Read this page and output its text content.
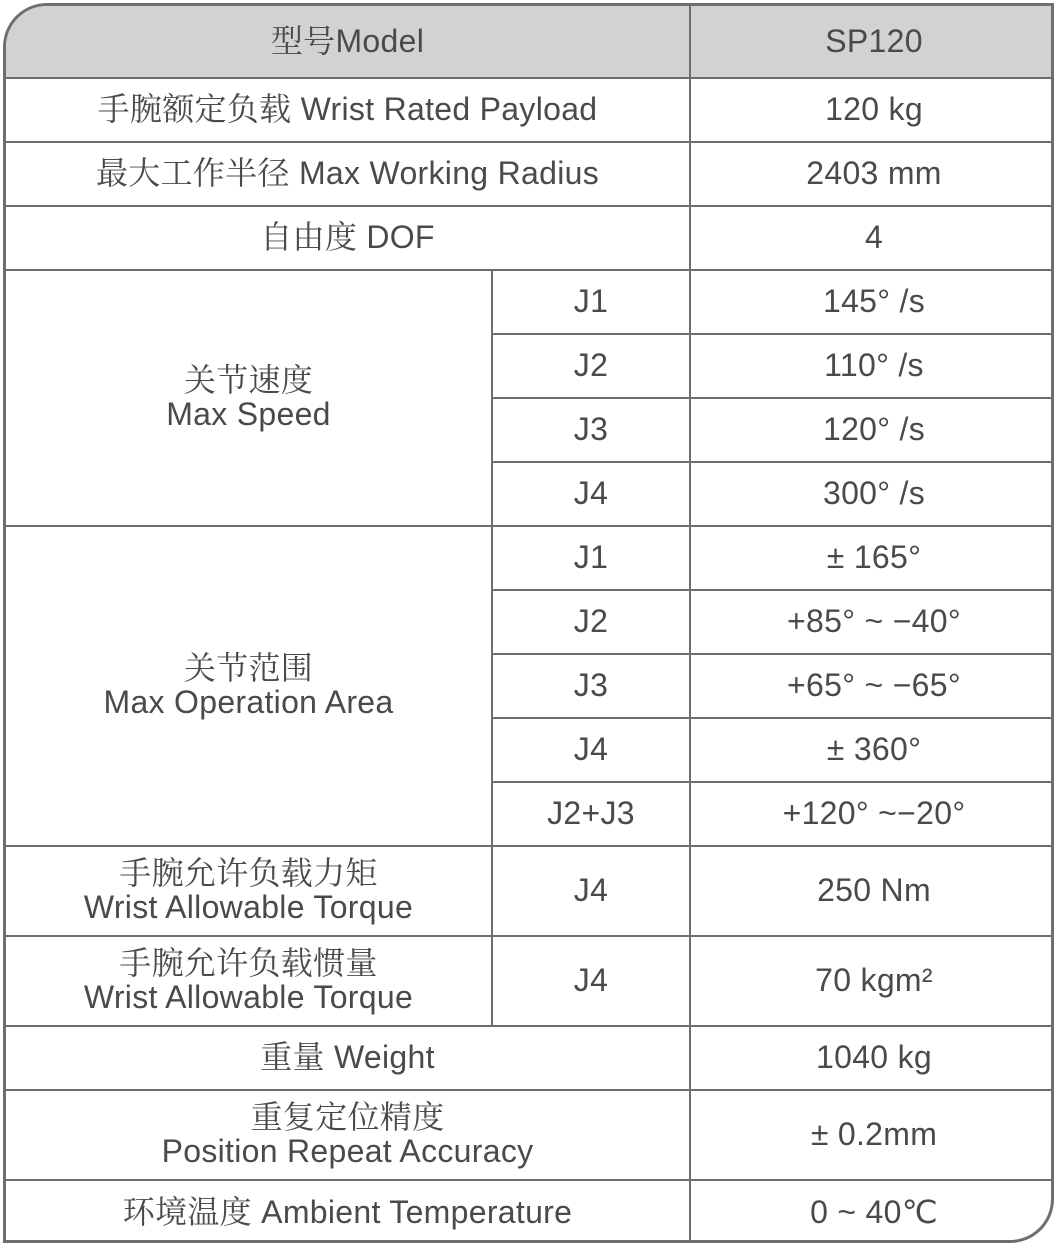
型号Model		SP120
手腕额定负载 Wrist Rated Payload		120 kg
最大工作半径 Max Working Radius		2403 mm
自由度 DOF		4

关节速度
Max Speed	J1	145° /s
	J2	110° /s
	J3	120° /s
	J4	300° /s

关节范围
Max Operation Area	J1	± 165°
	J2	+85° ~ −40°
	J3	+65° ~ −65°
	J4	± 360°
	J2+J3	+120° ~−20°

手腕允许负载力矩
Wrist Allowable Torque	J4	250 Nm

手腕允许负载惯量
Wrist Allowable Torque	J4	70 kgm²
重量 Weight		1040 kg

重复定位精度
Position Repeat Accuracy		± 0.2mm
环境温度 Ambient Temperature		0 ~ 40℃
